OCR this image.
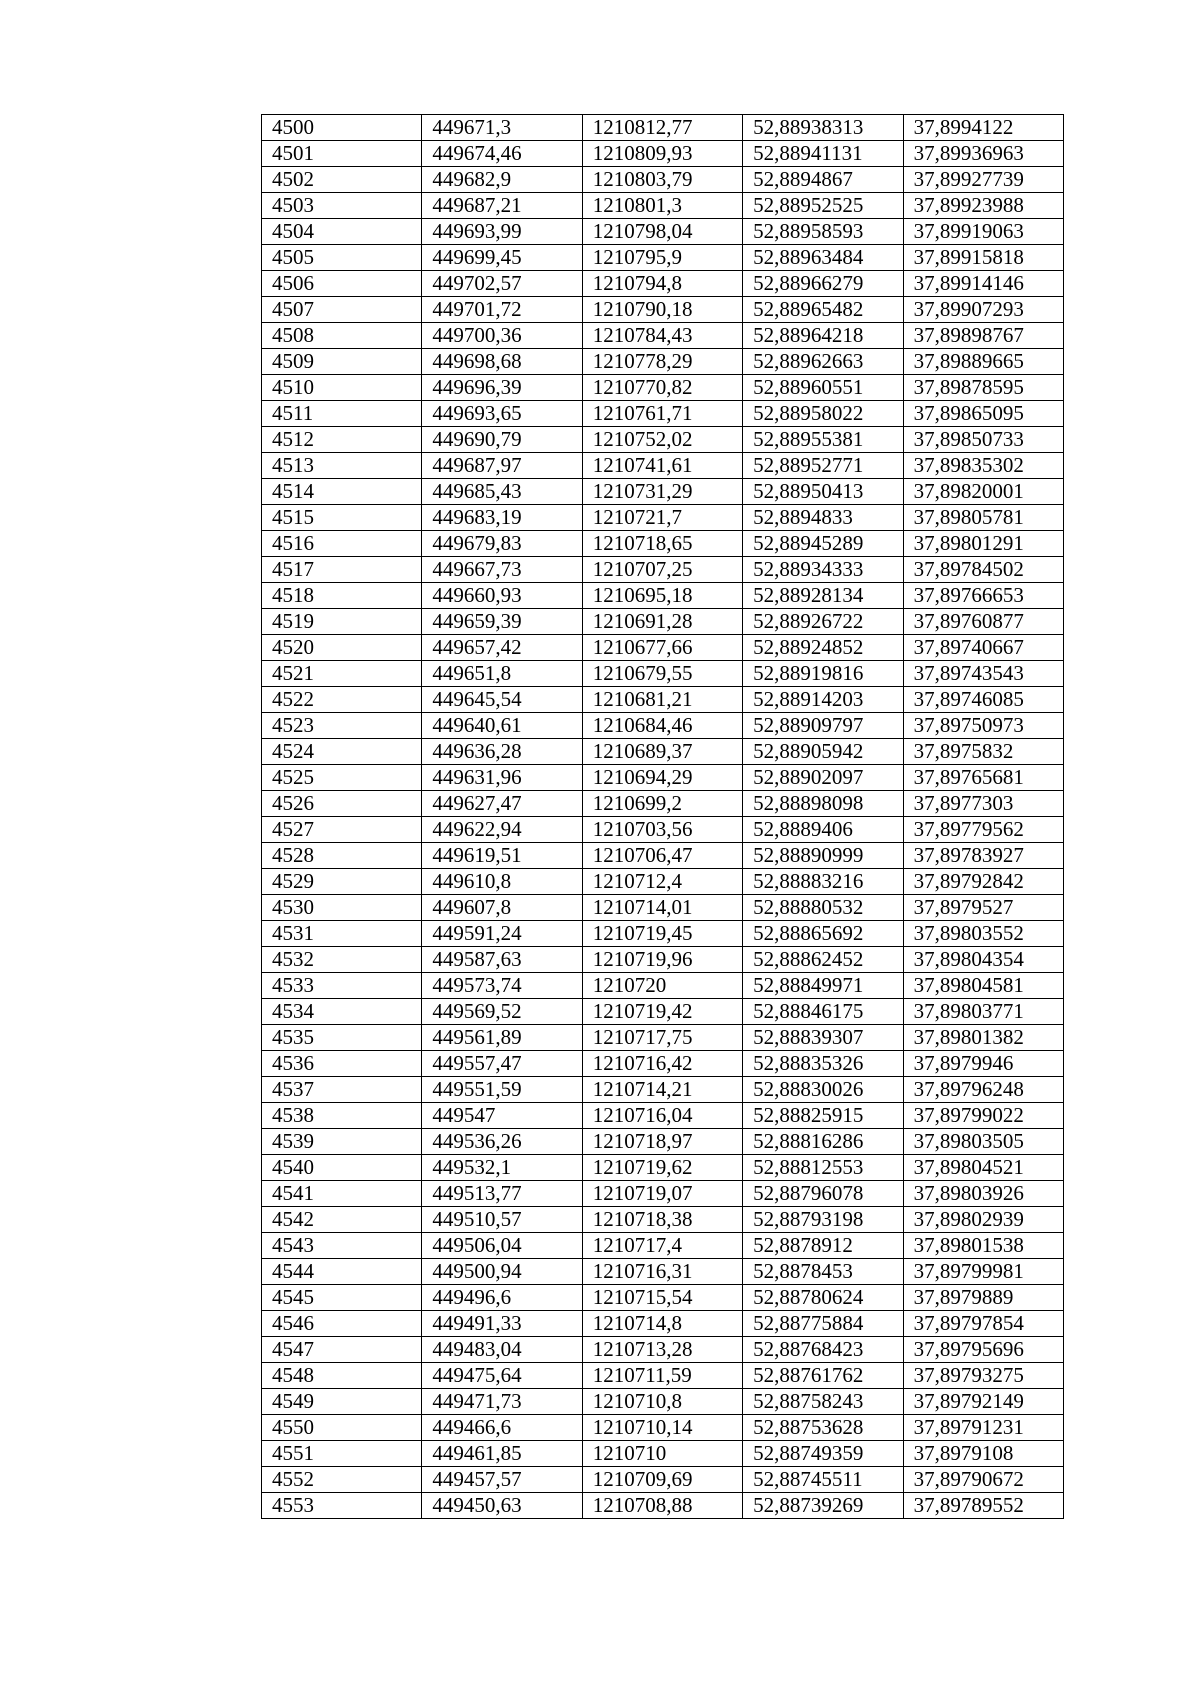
4500	449671,3	1210812,77	52,88938313	37,8994122
4501	449674,46	1210809,93	52,88941131	37,89936963
4502	449682,9	1210803,79	52,8894867	37,89927739
4503	449687,21	1210801,3	52,88952525	37,89923988
4504	449693,99	1210798,04	52,88958593	37,89919063
4505	449699,45	1210795,9	52,88963484	37,89915818
4506	449702,57	1210794,8	52,88966279	37,89914146
4507	449701,72	1210790,18	52,88965482	37,89907293
4508	449700,36	1210784,43	52,88964218	37,89898767
4509	449698,68	1210778,29	52,88962663	37,89889665
4510	449696,39	1210770,82	52,88960551	37,89878595
4511	449693,65	1210761,71	52,88958022	37,89865095
4512	449690,79	1210752,02	52,88955381	37,89850733
4513	449687,97	1210741,61	52,88952771	37,89835302
4514	449685,43	1210731,29	52,88950413	37,89820001
4515	449683,19	1210721,7	52,8894833	37,89805781
4516	449679,83	1210718,65	52,88945289	37,89801291
4517	449667,73	1210707,25	52,88934333	37,89784502
4518	449660,93	1210695,18	52,88928134	37,89766653
4519	449659,39	1210691,28	52,88926722	37,89760877
4520	449657,42	1210677,66	52,88924852	37,89740667
4521	449651,8	1210679,55	52,88919816	37,89743543
4522	449645,54	1210681,21	52,88914203	37,89746085
4523	449640,61	1210684,46	52,88909797	37,89750973
4524	449636,28	1210689,37	52,88905942	37,8975832
4525	449631,96	1210694,29	52,88902097	37,89765681
4526	449627,47	1210699,2	52,88898098	37,8977303
4527	449622,94	1210703,56	52,8889406	37,89779562
4528	449619,51	1210706,47	52,88890999	37,89783927
4529	449610,8	1210712,4	52,88883216	37,89792842
4530	449607,8	1210714,01	52,88880532	37,8979527
4531	449591,24	1210719,45	52,88865692	37,89803552
4532	449587,63	1210719,96	52,88862452	37,89804354
4533	449573,74	1210720	52,88849971	37,89804581
4534	449569,52	1210719,42	52,88846175	37,89803771
4535	449561,89	1210717,75	52,88839307	37,89801382
4536	449557,47	1210716,42	52,88835326	37,8979946
4537	449551,59	1210714,21	52,88830026	37,89796248
4538	449547	1210716,04	52,88825915	37,89799022
4539	449536,26	1210718,97	52,88816286	37,89803505
4540	449532,1	1210719,62	52,88812553	37,89804521
4541	449513,77	1210719,07	52,88796078	37,89803926
4542	449510,57	1210718,38	52,88793198	37,89802939
4543	449506,04	1210717,4	52,8878912	37,89801538
4544	449500,94	1210716,31	52,8878453	37,89799981
4545	449496,6	1210715,54	52,88780624	37,8979889
4546	449491,33	1210714,8	52,88775884	37,89797854
4547	449483,04	1210713,28	52,88768423	37,89795696
4548	449475,64	1210711,59	52,88761762	37,89793275
4549	449471,73	1210710,8	52,88758243	37,89792149
4550	449466,6	1210710,14	52,88753628	37,89791231
4551	449461,85	1210710	52,88749359	37,8979108
4552	449457,57	1210709,69	52,88745511	37,89790672
4553	449450,63	1210708,88	52,88739269	37,89789552
